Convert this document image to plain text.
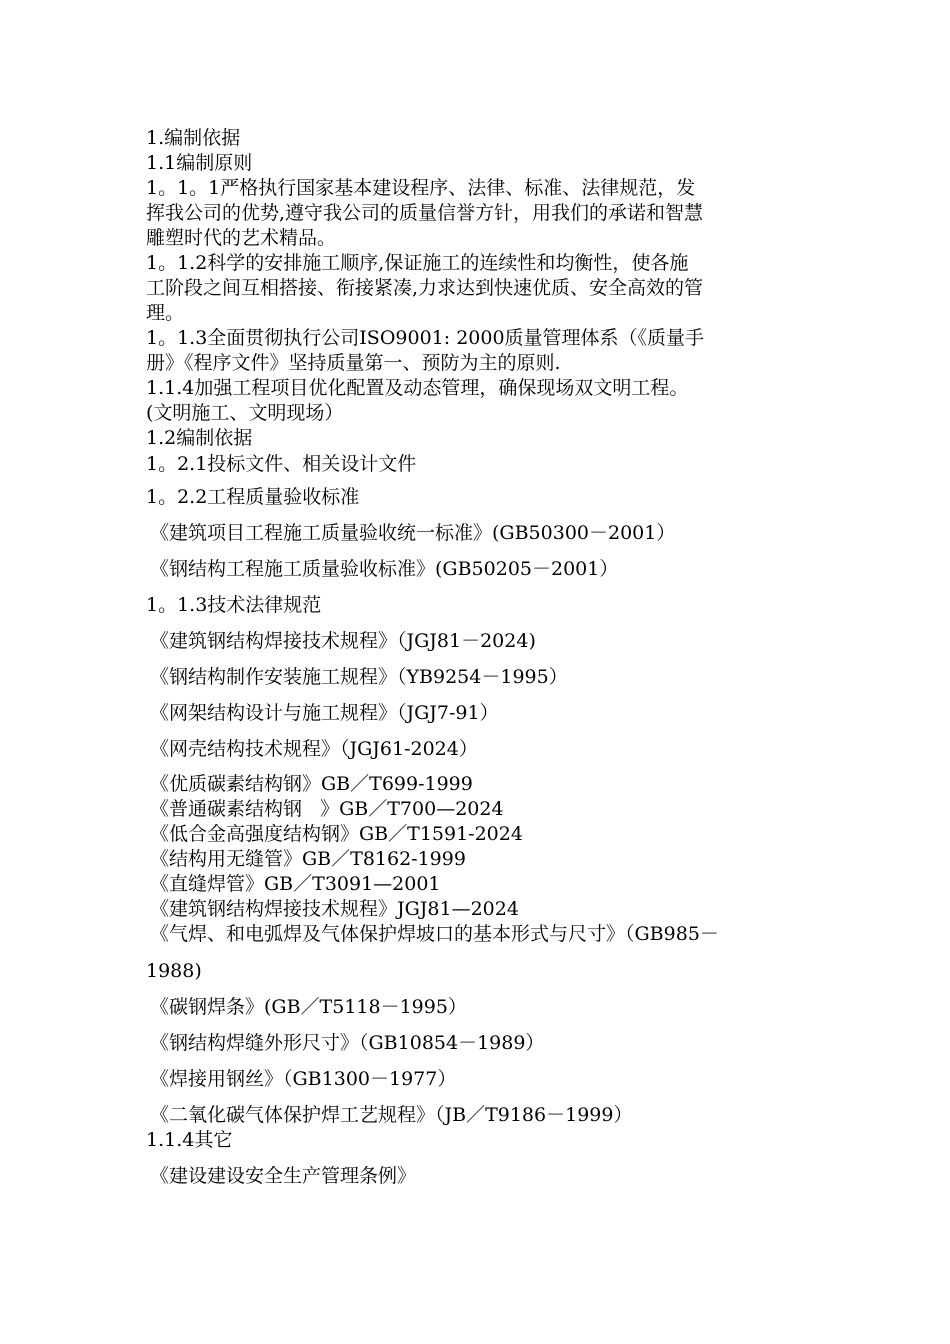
1.编制依据

1.1编制原则

1。1。1严格执行国家基本建设程序、法律、标准、法律规范，发

挥我公司的优势,遵守我公司的质量信誉方针，用我们的承诺和智慧

雕塑时代的艺术精品。

1。1.2科学的安排施工顺序,保证施工的连续性和均衡性，使各施

工阶段之间互相搭接、衔接紧凑,力求达到快速优质、安全高效的管

理。

1。1.3全面贯彻执行公司ISO9001: 2000质量管理体系（《质量手

册》《程序文件》坚持质量第一、预防为主的原则.

1.1.4加强工程项目优化配置及动态管理，确保现场双文明工程。

(文明施工、文明现场）

1.2编制依据

1。2.1投标文件、相关设计文件

1。2.2工程质量验收标准

《建筑项目工程施工质量验收统一标准》(GB50300－2001）

《钢结构工程施工质量验收标准》(GB50205－2001）

1。1.3技术法律规范

《建筑钢结构焊接技术规程》（JGJ81－2024)

《钢结构制作安装施工规程》（YB9254－1995）

《网架结构设计与施工规程》（JGJ7-91）

《网壳结构技术规程》（JGJ61-2024）

《优质碳素结构钢》GB／T699-1999

《普通碳素结构钢   》GB／T700—2024

《低合金高强度结构钢》GB／T1591-2024

《结构用无缝管》GB／T8162-1999

《直缝焊管》GB／T3091—2001

《建筑钢结构焊接技术规程》JGJ81—2024

《气焊、和电弧焊及气体保护焊坡口的基本形式与尺寸》（GB985－

1988)

《碳钢焊条》(GB／T5118－1995）

《钢结构焊缝外形尺寸》（GB10854－1989）

《焊接用钢丝》（GB1300－1977）

《二氧化碳气体保护焊工艺规程》（JB／T9186－1999）

1.1.4其它

《建设建设安全生产管理条例》
